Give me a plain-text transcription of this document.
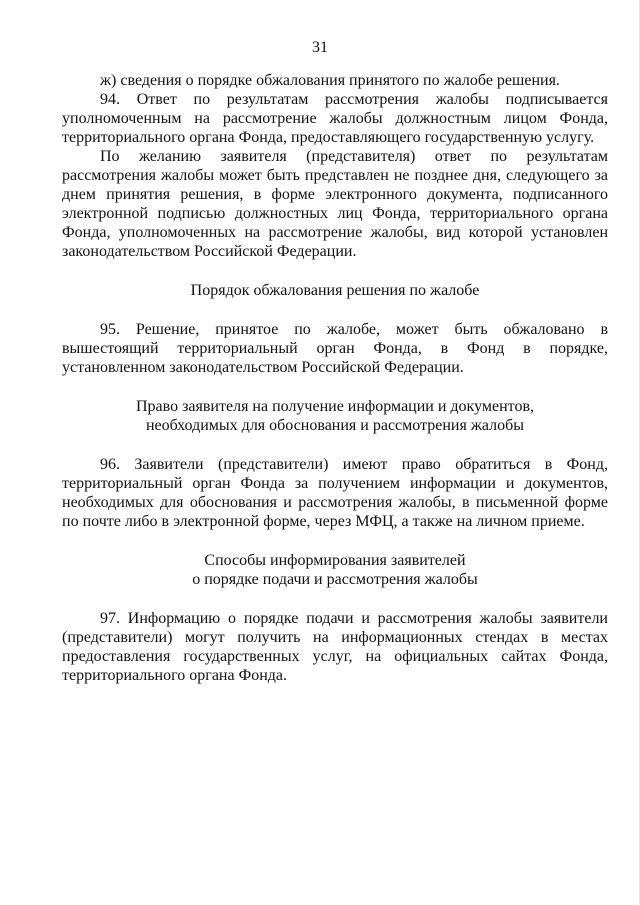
31

ж) сведения о порядке обжалования принятого по жалобе решения.

94. Ответ по результатам рассмотрения жалобы подписывается уполномоченным на рассмотрение жалобы должностным лицом Фонда, территориального органа Фонда, предоставляющего государственную услугу.

По желанию заявителя (представителя) ответ по результатам рассмотрения жалобы может быть представлен не позднее дня, следующего за днем принятия решения, в форме электронного документа, подписанного электронной подписью должностных лиц Фонда, территориального органа Фонда, уполномоченных на рассмотрение жалобы, вид которой установлен законодательством Российской Федерации.

Порядок обжалования решения по жалобе

95. Решение, принятое по жалобе, может быть обжаловано в вышестоящий территориальный орган Фонда, в Фонд в порядке, установленном законодательством Российской Федерации.

Право заявителя на получение информации и документов,

необходимых для обоснования и рассмотрения жалобы

96. Заявители (представители) имеют право обратиться в Фонд, территориальный орган Фонда за получением информации и документов, необходимых для обоснования и рассмотрения жалобы, в письменной форме по почте либо в электронной форме, через МФЦ, а также на личном приеме.

Способы информирования заявителей

о порядке подачи и рассмотрения жалобы

97. Информацию о порядке подачи и рассмотрения жалобы заявители (представители) могут получить на информационных стендах в местах предоставления государственных услуг, на официальных сайтах Фонда, территориального органа Фонда.
